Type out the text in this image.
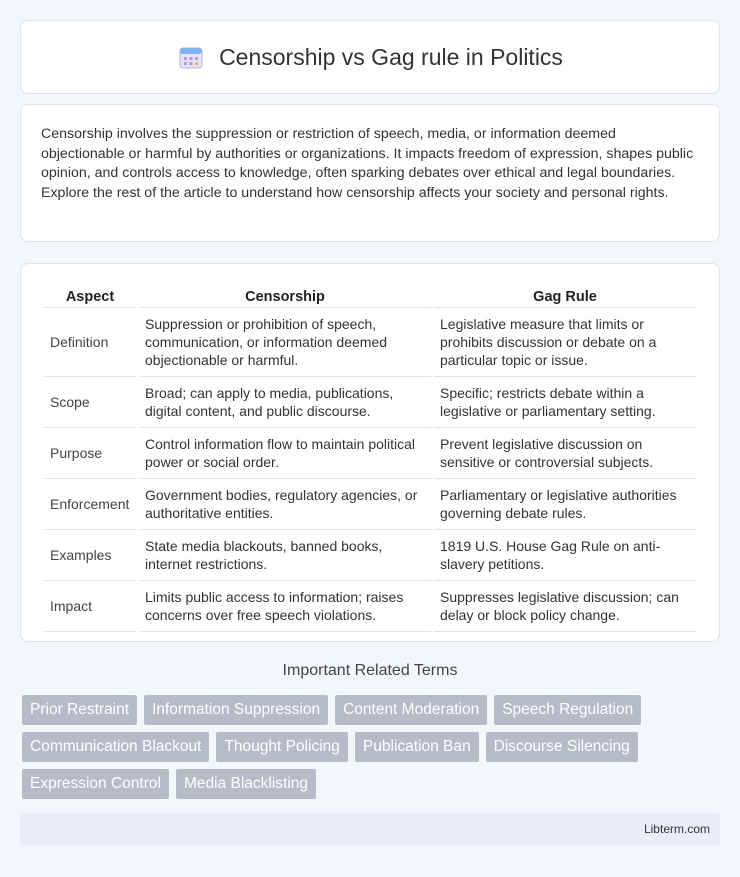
Censorship vs Gag rule in Politics

Censorship involves the suppression or restriction of speech, media, or information deemed objectionable or harmful by authorities or organizations. It impacts freedom of expression, shapes public opinion, and controls access to knowledge, often sparking debates over ethical and legal boundaries. Explore the rest of the article to understand how censorship affects your society and personal rights.

Aspect	Censorship	Gag Rule
Definition	Suppression or prohibition of speech, communication, or information deemed objectionable or harmful.	Legislative measure that limits or prohibits discussion or debate on a particular topic or issue.
Scope	Broad; can apply to media, publications, digital content, and public discourse.	Specific; restricts debate within a legislative or parliamentary setting.
Purpose	Control information flow to maintain political power or social order.	Prevent legislative discussion on sensitive or controversial subjects.
Enforcement	Government bodies, regulatory agencies, or authoritative entities.	Parliamentary or legislative authorities governing debate rules.
Examples	State media blackouts, banned books, internet restrictions.	1819 U.S. House Gag Rule on anti-slavery petitions.
Impact	Limits public access to information; raises concerns over free speech violations.	Suppresses legislative discussion; can delay or block policy change.
Important Related Terms
Prior Restraint	Information Suppression	Content Moderation	Speech Regulation
Communication Blackout	Thought Policing	Publication Ban	Discourse Silencing
Expression Control	Media Blacklisting
Libterm.com
